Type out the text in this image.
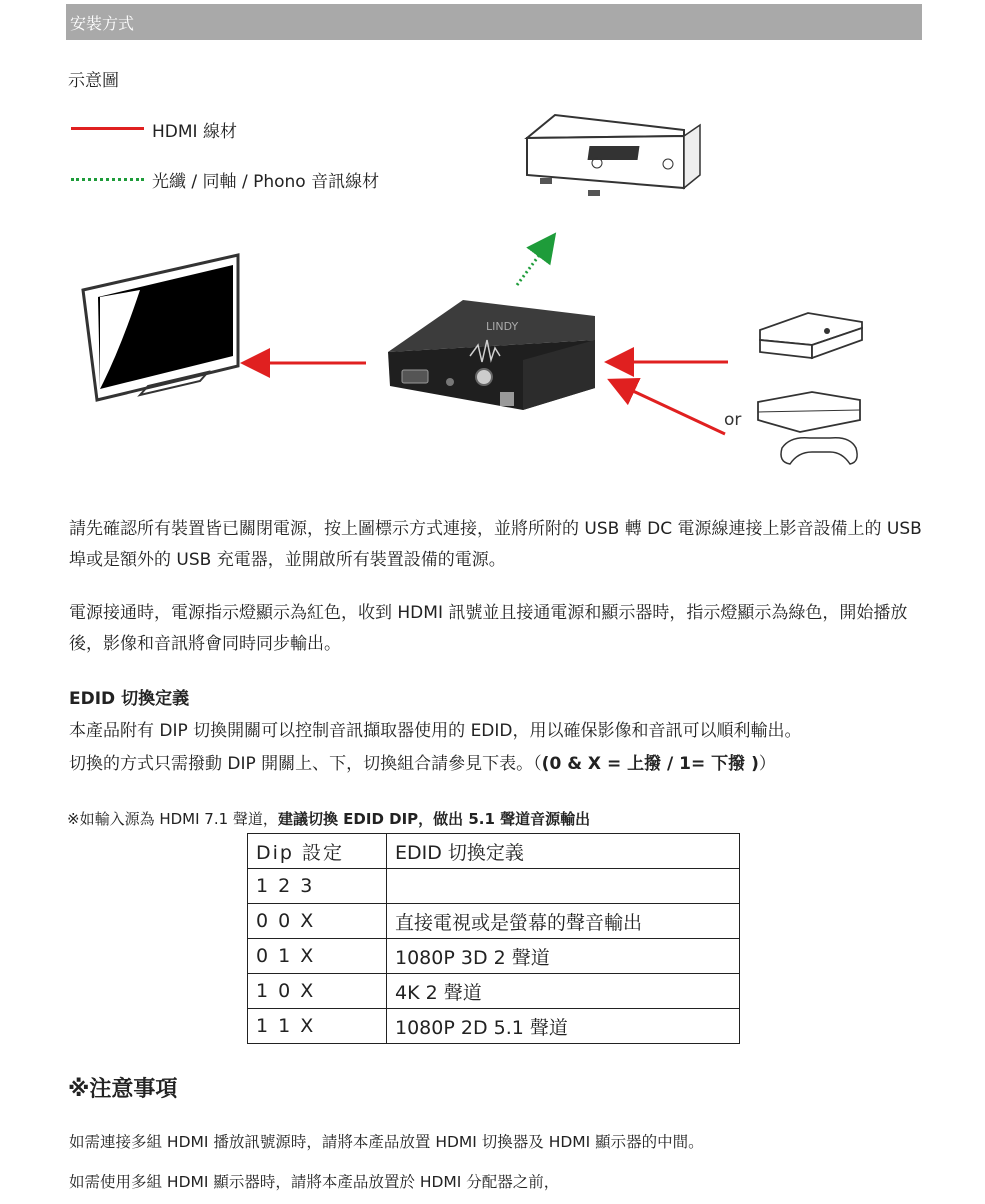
安裝方式
示意圖
HDMI 線材
光纖 / 同軸 / Phono 音訊線材
LINDY
or
請先確認所有裝置皆已關閉電源，按上圖標示方式連接，並將所附的 USB 轉 DC 電源線連接上影音設備上的 USB 埠或是額外的 USB 充電器，並開啟所有裝置設備的電源。
電源接通時，電源指示燈顯示為紅色，收到 HDMI 訊號並且接通電源和顯示器時，指示燈顯示為綠色，開始播放後，影像和音訊將會同時同步輸出。
EDID 切換定義
本產品附有 DIP 切換開關可以控制音訊擷取器使用的 EDID，用以確保影像和音訊可以順利輸出。
切換的方式只需撥動 DIP 開關上、下，切換組合請參見下表。（(0 & X = 上撥 / 1= 下撥 )）
※如輸入源為 HDMI 7.1 聲道，建議切換 EDID DIP，做出 5.1 聲道音源輸出
Dip 設定	EDID 切換定義
1 2 3	
0 0 X	直接電視或是螢幕的聲音輸出
0 1 X	1080P 3D 2 聲道
1 0 X	4K 2 聲道
1 1 X	1080P 2D 5.1 聲道
※注意事項
如需連接多組 HDMI 播放訊號源時，請將本產品放置 HDMI 切換器及 HDMI 顯示器的中間。
如需使用多組 HDMI 顯示器時，請將本產品放置於 HDMI 分配器之前，
